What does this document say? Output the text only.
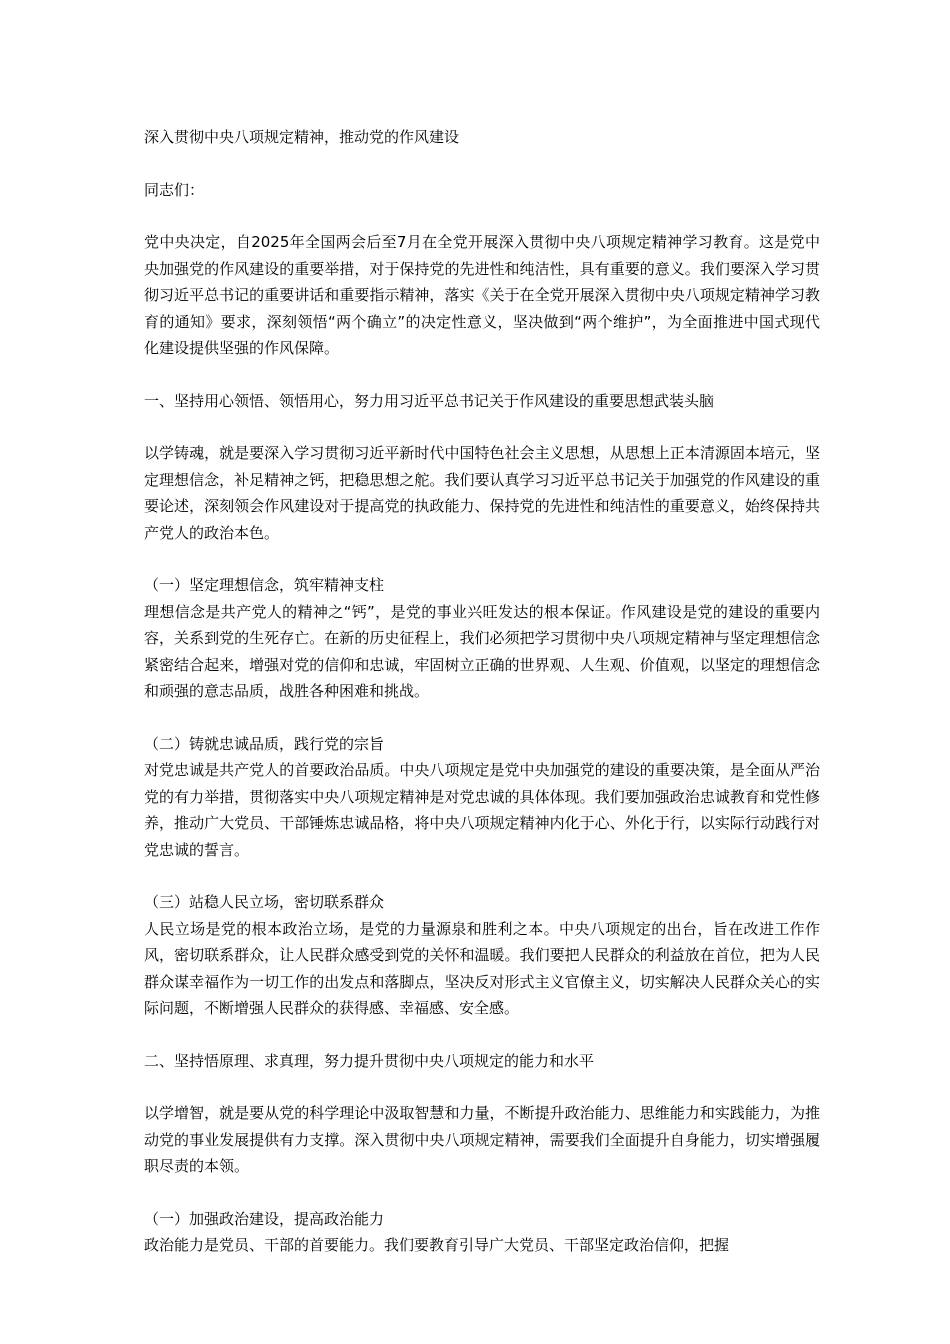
深入贯彻中央八项规定精神，推动党的作风建设

同志们：

党中央决定，自2025年全国两会后至7月在全党开展深入贯彻中央八项规定精神学习教育。这是党中央加强党的作风建设的重要举措，对于保持党的先进性和纯洁性，具有重要的意义。我们要深入学习贯彻习近平总书记的重要讲话和重要指示精神，落实《关于在全党开展深入贯彻中央八项规定精神学习教育的通知》要求，深刻领悟“两个确立”的决定性意义，坚决做到“两个维护”，为全面推进中国式现代化建设提供坚强的作风保障。

一、坚持用心领悟、领悟用心，努力用习近平总书记关于作风建设的重要思想武装头脑

以学铸魂，就是要深入学习贯彻习近平新时代中国特色社会主义思想，从思想上正本清源固本培元，坚定理想信念，补足精神之钙，把稳思想之舵。我们要认真学习习近平总书记关于加强党的作风建设的重要论述，深刻领会作风建设对于提高党的执政能力、保持党的先进性和纯洁性的重要意义，始终保持共产党人的政治本色。

（一）坚定理想信念，筑牢精神支柱

理想信念是共产党人的精神之“钙”，是党的事业兴旺发达的根本保证。作风建设是党的建设的重要内容，关系到党的生死存亡。在新的历史征程上，我们必须把学习贯彻中央八项规定精神与坚定理想信念紧密结合起来，增强对党的信仰和忠诚，牢固树立正确的世界观、人生观、价值观，以坚定的理想信念和顽强的意志品质，战胜各种困难和挑战。

（二）铸就忠诚品质，践行党的宗旨

对党忠诚是共产党人的首要政治品质。中央八项规定是党中央加强党的建设的重要决策，是全面从严治党的有力举措，贯彻落实中央八项规定精神是对党忠诚的具体体现。我们要加强政治忠诚教育和党性修养，推动广大党员、干部锤炼忠诚品格，将中央八项规定精神内化于心、外化于行，以实际行动践行对党忠诚的誓言。

（三）站稳人民立场，密切联系群众

人民立场是党的根本政治立场，是党的力量源泉和胜利之本。中央八项规定的出台，旨在改进工作作风，密切联系群众，让人民群众感受到党的关怀和温暖。我们要把人民群众的利益放在首位，把为人民群众谋幸福作为一切工作的出发点和落脚点，坚决反对形式主义官僚主义，切实解决人民群众关心的实际问题，不断增强人民群众的获得感、幸福感、安全感。

二、坚持悟原理、求真理，努力提升贯彻中央八项规定的能力和水平

以学增智，就是要从党的科学理论中汲取智慧和力量，不断提升政治能力、思维能力和实践能力，为推动党的事业发展提供有力支撑。深入贯彻中央八项规定精神，需要我们全面提升自身能力，切实增强履职尽责的本领。

（一）加强政治建设，提高政治能力

政治能力是党员、干部的首要能力。我们要教育引导广大党员、干部坚定政治信仰，把握
